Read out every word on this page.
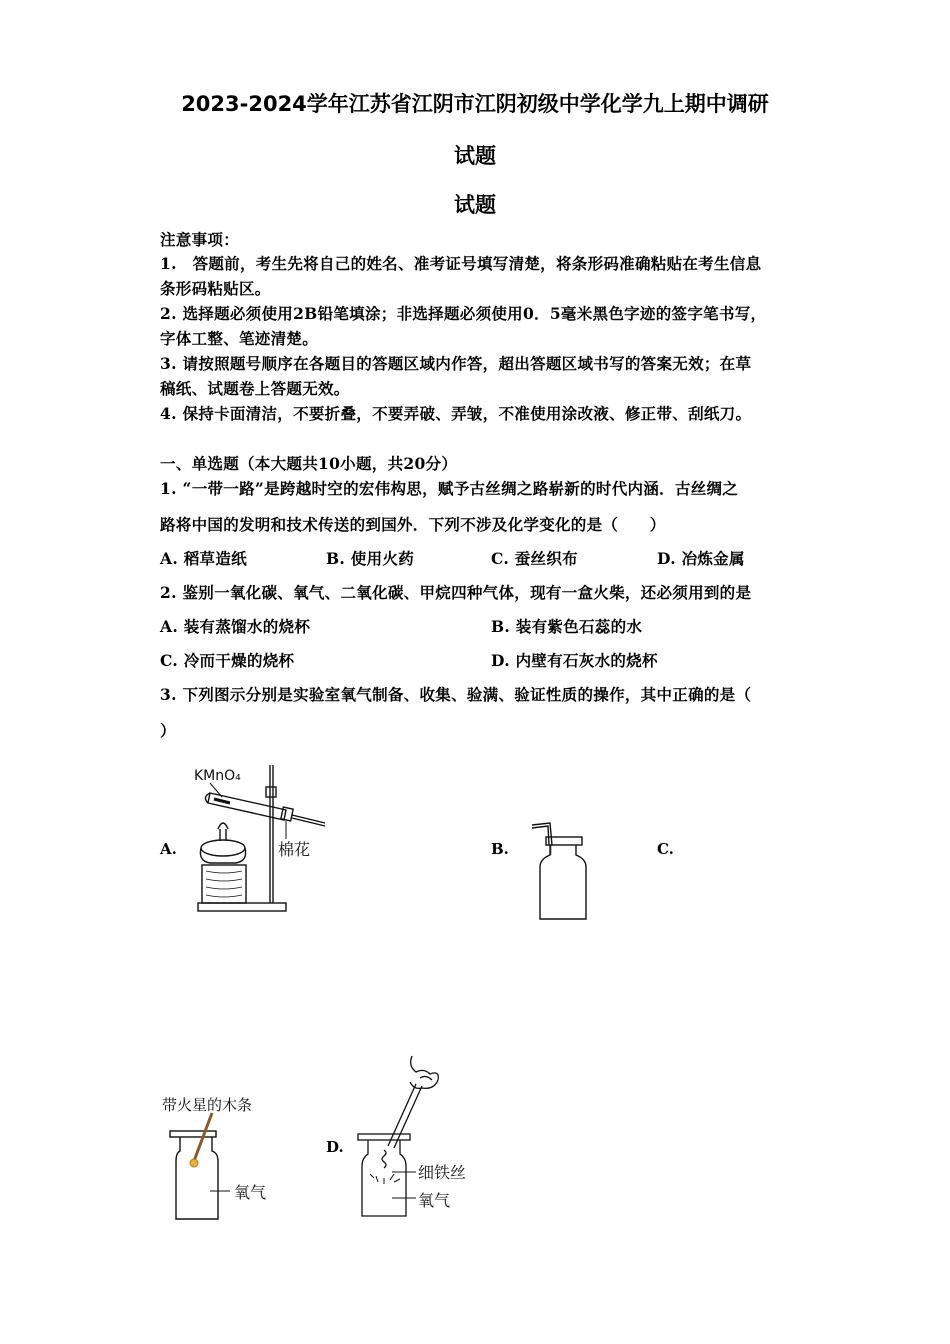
2023-2024学年江苏省江阴市江阴初级中学化学九上期中调研
试题
试题
注意事项：
1.　答题前，考生先将自己的姓名、准考证号填写清楚，将条形码准确粘贴在考生信息
条形码粘贴区。
2. 选择题必须使用2B铅笔填涂；非选择题必须使用0．5毫米黑色字迹的签字笔书写，
字体工整、笔迹清楚。
3. 请按照题号顺序在各题目的答题区域内作答，超出答题区域书写的答案无效；在草
稿纸、试题卷上答题无效。
4. 保持卡面清洁，不要折叠，不要弄破、弄皱，不准使用涂改液、修正带、刮纸刀。
一、单选题（本大题共10小题，共20分）
1. “一带一路”是跨越时空的宏伟构思，赋予古丝绸之路崭新的时代内涵．古丝绸之
路将中国的发明和技术传送的到国外．下列不涉及化学变化的是（　　）
A. 稻草造纸	B. 使用火药	C. 蚕丝织布	D. 冶炼金属
2. 鉴别一氧化碳、氧气、二氧化碳、甲烷四种气体，现有一盒火柴，还必须用到的是
A. 装有蒸馏水的烧杯	B. 装有紫色石蕊的水
C. 冷而干燥的烧杯	D. 内壁有石灰水的烧杯
3. 下列图示分别是实验室氧气制备、收集、验满、验证性质的操作，其中正确的是（
）
A.	B.	C.
D.
KMnO₄
棉花
带火星的木条
氧气
细铁丝
氧气
